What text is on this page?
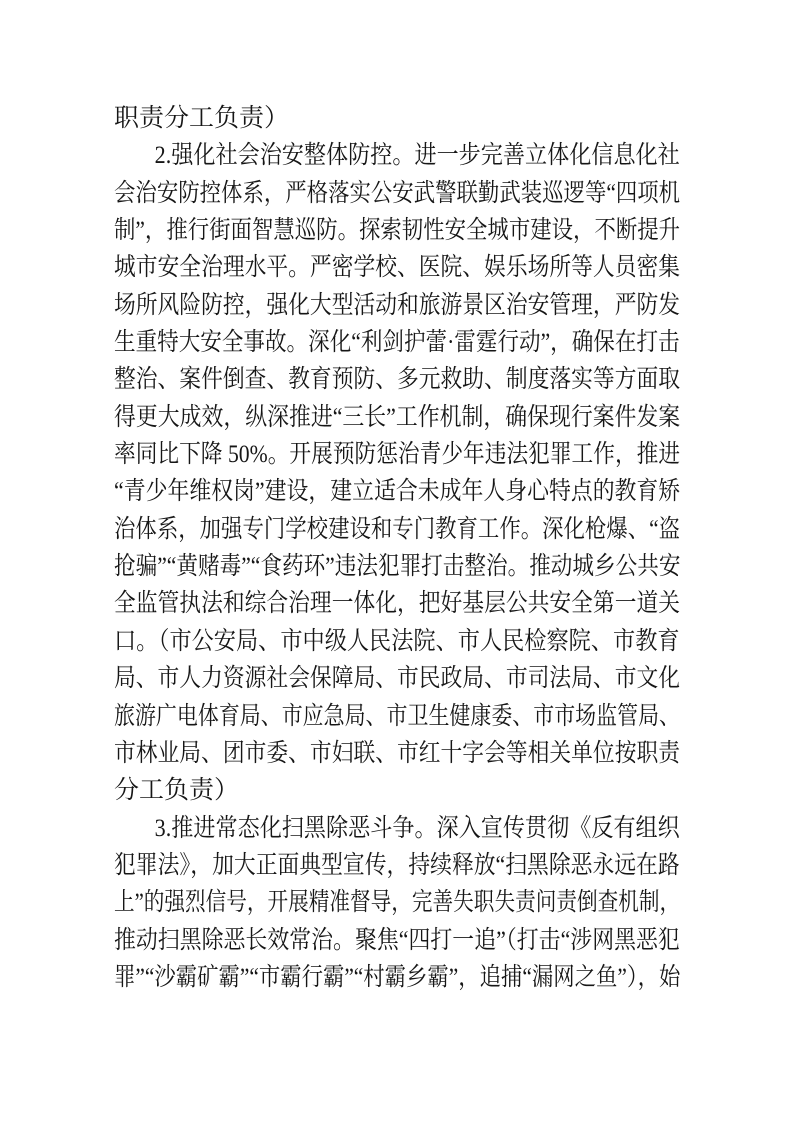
职责分工负责）
2.强化社会治安整体防控。进一步完善立体化信息化社
会治安防控体系，严格落实公安武警联勤武装巡逻等“四项机
制”，推行街面智慧巡防。探索韧性安全城市建设，不断提升
城市安全治理水平。严密学校、医院、娱乐场所等人员密集
场所风险防控，强化大型活动和旅游景区治安管理，严防发
生重特大安全事故。深化“利剑护蕾·雷霆行动”，确保在打击
整治、案件倒查、教育预防、多元救助、制度落实等方面取
得更大成效，纵深推进“三长”工作机制，确保现行案件发案
率同比下降 50%。开展预防惩治青少年违法犯罪工作，推进
“青少年维权岗”建设，建立适合未成年人身心特点的教育矫
治体系，加强专门学校建设和专门教育工作。深化枪爆、“盗
抢骗”“黄赌毒”“食药环”违法犯罪打击整治。推动城乡公共安
全监管执法和综合治理一体化，把好基层公共安全第一道关
口。（市公安局、市中级人民法院、市人民检察院、市教育
局、市人力资源社会保障局、市民政局、市司法局、市文化
旅游广电体育局、市应急局、市卫生健康委、市市场监管局、
市林业局、团市委、市妇联、市红十字会等相关单位按职责
分工负责）
3.推进常态化扫黑除恶斗争。深入宣传贯彻《反有组织
犯罪法》，加大正面典型宣传，持续释放“扫黑除恶永远在路
上”的强烈信号，开展精准督导，完善失职失责问责倒查机制，
推动扫黑除恶长效常治。聚焦“四打一追”（打击“涉网黑恶犯
罪”“沙霸矿霸”“市霸行霸”“村霸乡霸”，追捕“漏网之鱼”），始
